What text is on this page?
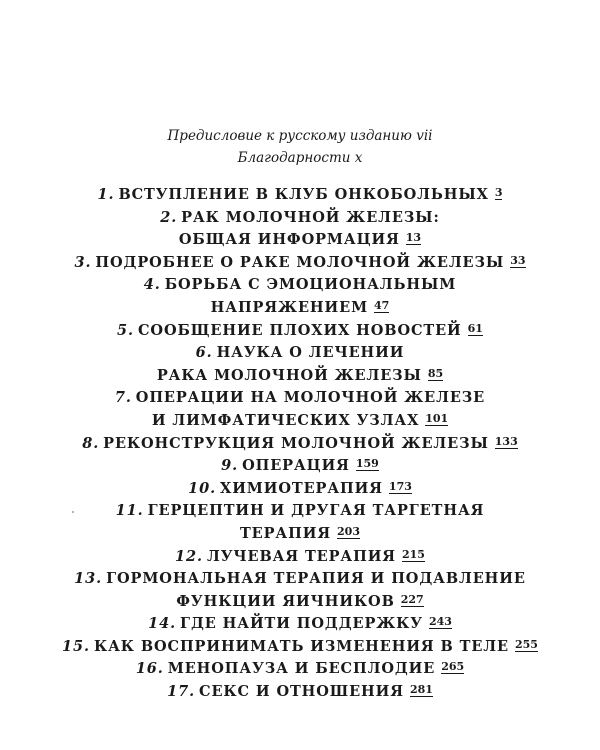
Предисловие к русскому изданию vii
Благодарности x
1. ВСТУПЛЕНИЕ В КЛУБ ОНКОБОЛЬНЫХ 3
2. РАК МОЛОЧНОЙ ЖЕЛЕЗЫ:
ОБЩАЯ ИНФОРМАЦИЯ 13
3. ПОДРОБНЕЕ О РАКЕ МОЛОЧНОЙ ЖЕЛЕЗЫ 33
4. БОРЬБА С ЭМОЦИОНАЛЬНЫМ
НАПРЯЖЕНИЕМ 47
5. СООБЩЕНИЕ ПЛОХИХ НОВОСТЕЙ 61
6. НАУКА О ЛЕЧЕНИИ
РАКА МОЛОЧНОЙ ЖЕЛЕЗЫ 85
7. ОПЕРАЦИИ НА МОЛОЧНОЙ ЖЕЛЕЗЕ
И ЛИМФАТИЧЕСКИХ УЗЛАХ 101
8. РЕКОНСТРУКЦИЯ МОЛОЧНОЙ ЖЕЛЕЗЫ 133
9. ОПЕРАЦИЯ 159
10. ХИМИОТЕРАПИЯ 173
11. ГЕРЦЕПТИН И ДРУГАЯ ТАРГЕТНАЯ
ТЕРАПИЯ 203
12. ЛУЧЕВАЯ ТЕРАПИЯ 215
13. ГОРМОНАЛЬНАЯ ТЕРАПИЯ И ПОДАВЛЕНИЕ
ФУНКЦИИ ЯИЧНИКОВ 227
14. ГДЕ НАЙТИ ПОДДЕРЖКУ 243
15. КАК ВОСПРИНИМАТЬ ИЗМЕНЕНИЯ В ТЕЛЕ 255
16. МЕНОПАУЗА И БЕСПЛОДИЕ 265
17. СЕКС И ОТНОШЕНИЯ 281
